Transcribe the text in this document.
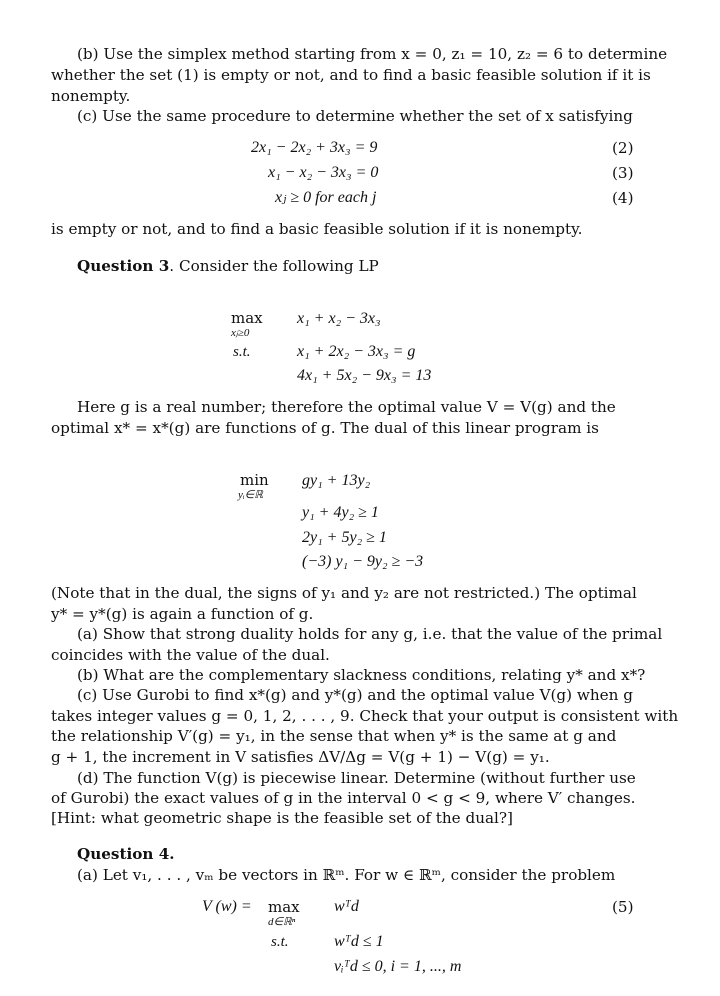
(b) Use the simplex method starting from x = 0, z₁ = 10, z₂ = 6 to determine
whether the set (1) is empty or not, and to find a basic feasible solution if it is
nonempty.
(c) Use the same procedure to determine whether the set of x satisfying
2x₁ − 2x₂ + 3x₃ = 9	(2)
x₁ − x₂ − 3x₃ = 0	(3)
xⱼ ≥ 0 for each j	(4)
is empty or not, and to find a basic feasible solution if it is nonempty.
Question 3. Consider the following LP
max
xⱼ≥0
x₁ + x₂ − 3x₃
s.t.	x₁ + 2x₂ − 3x₃ = g
4x₁ + 5x₂ − 9x₃ = 13
Here g is a real number; therefore the optimal value V = V(g) and the
optimal x* = x*(g) are functions of g. The dual of this linear program is
min
yᵢ∈ℝ
gy₁ + 13y₂
y₁ + 4y₂ ≥ 1
2y₁ + 5y₂ ≥ 1
(−3) y₁ − 9y₂ ≥ −3
(Note that in the dual, the signs of y₁ and y₂ are not restricted.) The optimal
y* = y*(g) is again a function of g.
(a) Show that strong duality holds for any g, i.e. that the value of the primal
coincides with the value of the dual.
(b) What are the complementary slackness conditions, relating y* and x*?
(c) Use Gurobi to find x*(g) and y*(g) and the optimal value V(g) when g
takes integer values g = 0, 1, 2, . . . , 9. Check that your output is consistent with
the relationship V′(g) = y₁, in the sense that when y* is the same at g and
g + 1, the increment in V satisfies ΔV/Δg = V(g + 1) − V(g) = y₁.
(d) The function V(g) is piecewise linear. Determine (without further use
of Gurobi) the exact values of g in the interval 0 < g < 9, where V′ changes.
[Hint: what geometric shape is the feasible set of the dual?]
Question 4.
(a) Let v₁, . . . , vₘ be vectors in ℝᵐ. For w ∈ ℝᵐ, consider the problem
V (w) = max
d∈ℝⁿ
wᵀd	(5)
s.t.	wᵀd ≤ 1
vᵢᵀd ≤ 0, i = 1, ..., m
